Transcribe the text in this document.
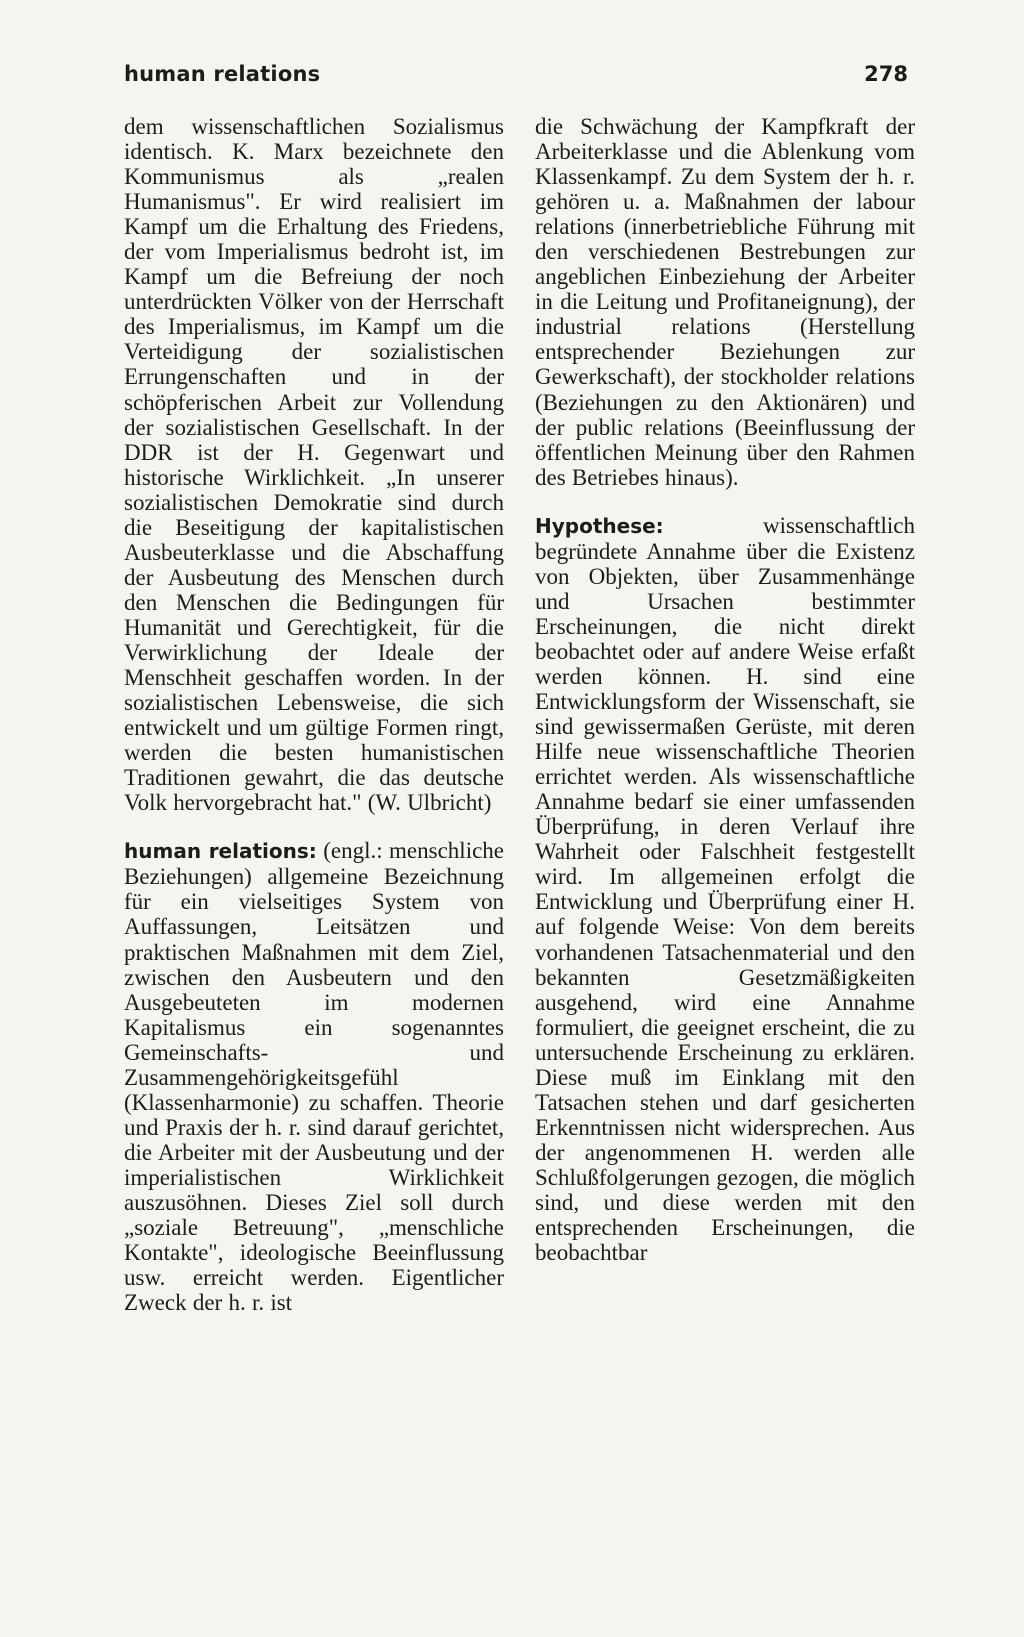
human relations	278

dem wissenschaftlichen Sozialismus identisch. K. Marx bezeichnete den Kommunismus als „realen Humanismus". Er wird realisiert im Kampf um die Erhaltung des Friedens, der vom Imperialismus bedroht ist, im Kampf um die Befreiung der noch unterdrückten Völker von der Herrschaft des Imperialismus, im Kampf um die Verteidigung der sozialistischen Errungenschaften und in der schöpferischen Arbeit zur Vollendung der sozialistischen Gesellschaft. In der DDR ist der H. Gegenwart und historische Wirklichkeit. „In unserer sozialistischen Demokratie sind durch die Beseitigung der kapitalistischen Ausbeuterklasse und die Abschaffung der Ausbeutung des Menschen durch den Menschen die Bedingungen für Humanität und Gerechtigkeit, für die Verwirklichung der Ideale der Menschheit geschaffen worden. In der sozialistischen Lebensweise, die sich entwickelt und um gültige Formen ringt, werden die besten humanistischen Traditionen gewahrt, die das deutsche Volk hervorgebracht hat." (W. Ulbricht)

human relations: (engl.: menschliche Beziehungen) allgemeine Bezeichnung für ein vielseitiges System von Auffassungen, Leitsätzen und praktischen Maßnahmen mit dem Ziel, zwischen den Ausbeutern und den Ausgebeuteten im modernen Kapitalismus ein sogenanntes Gemeinschafts- und Zusammengehörigkeitsgefühl (Klassenharmonie) zu schaffen. Theorie und Praxis der h. r. sind darauf gerichtet, die Arbeiter mit der Ausbeutung und der imperialistischen Wirklichkeit auszusöhnen. Dieses Ziel soll durch „soziale Betreuung", „menschliche Kontakte", ideologische Beeinflussung usw. erreicht werden. Eigentlicher Zweck der h. r. ist

die Schwächung der Kampfkraft der Arbeiterklasse und die Ablenkung vom Klassenkampf. Zu dem System der h. r. gehören u. a. Maßnahmen der labour relations (innerbetriebliche Führung mit den verschiedenen Bestrebungen zur angeblichen Einbeziehung der Arbeiter in die Leitung und Profitaneignung), der industrial relations (Herstellung entsprechender Beziehungen zur Gewerkschaft), der stockholder relations (Beziehungen zu den Aktionären) und der public relations (Beeinflussung der öffentlichen Meinung über den Rahmen des Betriebes hinaus).

Hypothese: wissenschaftlich begründete Annahme über die Existenz von Objekten, über Zusammenhänge und Ursachen bestimmter Erscheinungen, die nicht direkt beobachtet oder auf andere Weise erfaßt werden können. H. sind eine Entwicklungsform der Wissenschaft, sie sind gewissermaßen Gerüste, mit deren Hilfe neue wissenschaftliche Theorien errichtet werden. Als wissenschaftliche Annahme bedarf sie einer umfassenden Überprüfung, in deren Verlauf ihre Wahrheit oder Falschheit festgestellt wird. Im allgemeinen erfolgt die Entwicklung und Überprüfung einer H. auf folgende Weise: Von dem bereits vorhandenen Tatsachenmaterial und den bekannten Gesetzmäßigkeiten ausgehend, wird eine Annahme formuliert, die geeignet erscheint, die zu untersuchende Erscheinung zu erklären. Diese muß im Einklang mit den Tatsachen stehen und darf gesicherten Erkenntnissen nicht widersprechen. Aus der angenommenen H. werden alle Schlußfolgerungen gezogen, die möglich sind, und diese werden mit den entsprechenden Erscheinungen, die beobachtbar
